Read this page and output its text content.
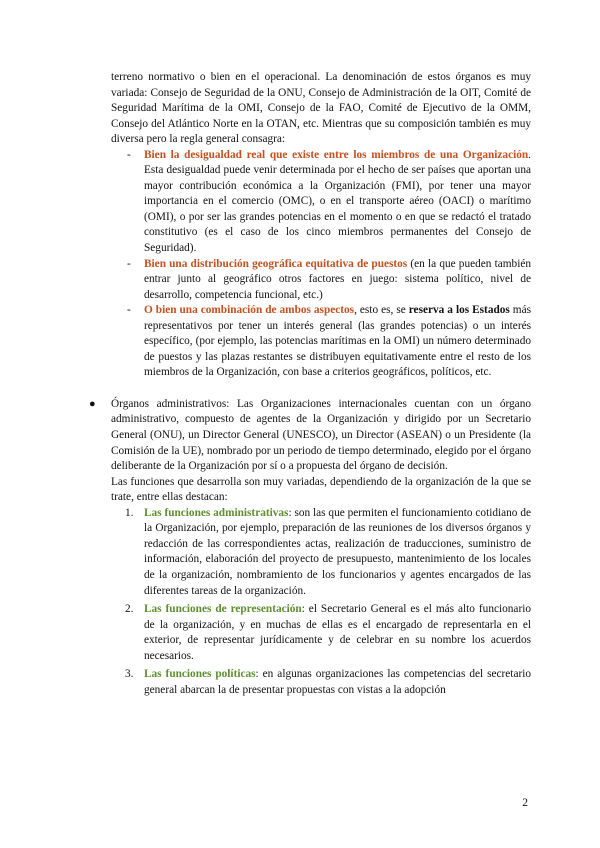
terreno normativo o bien en el operacional. La denominación de estos órganos es muy variada: Consejo de Seguridad de la ONU, Consejo de Administración de la OIT, Comité de Seguridad Marítima de la OMI, Consejo de la FAO, Comité de Ejecutivo de la OMM, Consejo del Atlántico Norte en la OTAN, etc. Mientras que su composición también es muy diversa pero la regla general consagra:

- Bien la desigualdad real que existe entre los miembros de una Organización. Esta desigualdad puede venir determinada por el hecho de ser países que aportan una mayor contribución económica a la Organización (FMI), por tener una mayor importancia en el comercio (OMC), o en el transporte aéreo (OACI) o marítimo (OMI), o por ser las grandes potencias en el momento o en que se redactó el tratado constitutivo (es el caso de los cinco miembros permanentes del Consejo de Seguridad).
- Bien una distribución geográfica equitativa de puestos (en la que pueden también entrar junto al geográfico otros factores en juego: sistema político, nivel de desarrollo, competencia funcional, etc.)
- O bien una combinación de ambos aspectos, esto es, se reserva a los Estados más representativos por tener un interés general (las grandes potencias) o un interés específico, (por ejemplo, las potencias marítimas en la OMI) un número determinado de puestos y las plazas restantes se distribuyen equitativamente entre el resto de los miembros de la Organización, con base a criterios geográficos, políticos, etc.
● Órganos administrativos: Las Organizaciones internacionales cuentan con un órgano administrativo, compuesto de agentes de la Organización y dirigido por un Secretario General (ONU), un Director General (UNESCO), un Director (ASEAN) o un Presidente (la Comisión de la UE), nombrado por un periodo de tiempo determinado, elegido por el órgano deliberante de la Organización por sí o a propuesta del órgano de decisión.

Las funciones que desarrolla son muy variadas, dependiendo de la organización de la que se trate, entre ellas destacan:

1. Las funciones administrativas: son las que permiten el funcionamiento cotidiano de la Organización, por ejemplo, preparación de las reuniones de los diversos órganos y redacción de las correspondientes actas, realización de traducciones, suministro de información, elaboración del proyecto de presupuesto, mantenimiento de los locales de la organización, nombramiento de los funcionarios y agentes encargados de las diferentes tareas de la organización.
2. Las funciones de representación: el Secretario General es el más alto funcionario de la organización, y en muchas de ellas es el encargado de representarla en el exterior, de representar jurídicamente y de celebrar en su nombre los acuerdos necesarios.
3. Las funciones políticas: en algunas organizaciones las competencias del secretario general abarcan la de presentar propuestas con vistas a la adopción
2
